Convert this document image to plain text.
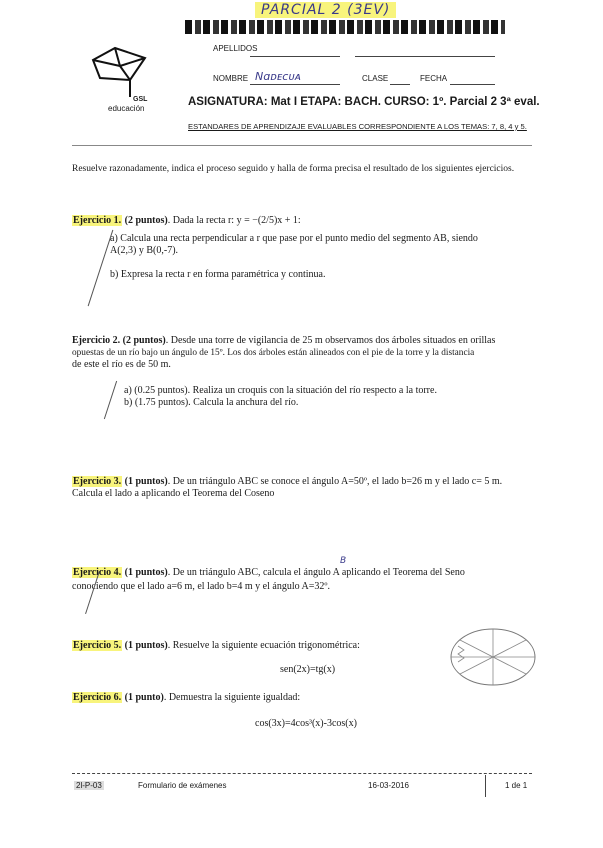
PARCIAL 2 (3EV)
GSL
educación
APELLIDOS
NOMBRE Nɑᴅᴇᴄᴜᴀ	CLASE	FECHA
ASIGNATURA: Mat I ETAPA: BACH. CURSO: 1º. Parcial 2 3ª eval.
ESTANDARES DE APRENDIZAJE EVALUABLES CORRESPONDIENTE A LOS TEMAS: 7, 8, 4 y 5.
Resuelve razonadamente, indica el proceso seguido y halla de forma precisa el resultado de los siguientes ejercicios.
Ejercicio 1. (2 puntos). Dada la recta r: y = −(2/5)x + 1:
a) Calcula una recta perpendicular a r que pase por el punto medio del segmento AB, siendo
A(2,3) y B(0,-7).
b) Expresa la recta r en forma paramétrica y continua.
Ejercicio 2. (2 puntos). Desde una torre de vigilancia de 25 m observamos dos árboles situados en orillas
opuestas de un río bajo un ángulo de 15º. Los dos árboles están alineados con el pie de la torre y la distancia
de este el río es de 50 m.
a) (0.25 puntos). Realiza un croquis con la situación del río respecto a la torre.
b) (1.75 puntos). Calcula la anchura del río.
Ejercicio 3. (1 puntos). De un triángulo ABC se conoce el ángulo A=50º, el lado b=26 m y el lado c= 5 m.
Calcula el lado a aplicando el Teorema del Coseno
B
Ejercicio 4. (1 puntos). De un triángulo ABC, calcula el ángulo A aplicando el Teorema del Seno
conociendo que el lado a=6 m, el lado b=4 m y el ángulo A=32º.
Ejercicio 5. (1 puntos). Resuelve la siguiente ecuación trigonométrica:
sen(2x)=tg(x)
Ejercicio 6. (1 punto). Demuestra la siguiente igualdad:
cos(3x)=4cos³(x)-3cos(x)
2l-P-03	Formulario de exámenes	16-03-2016	1 de 1
